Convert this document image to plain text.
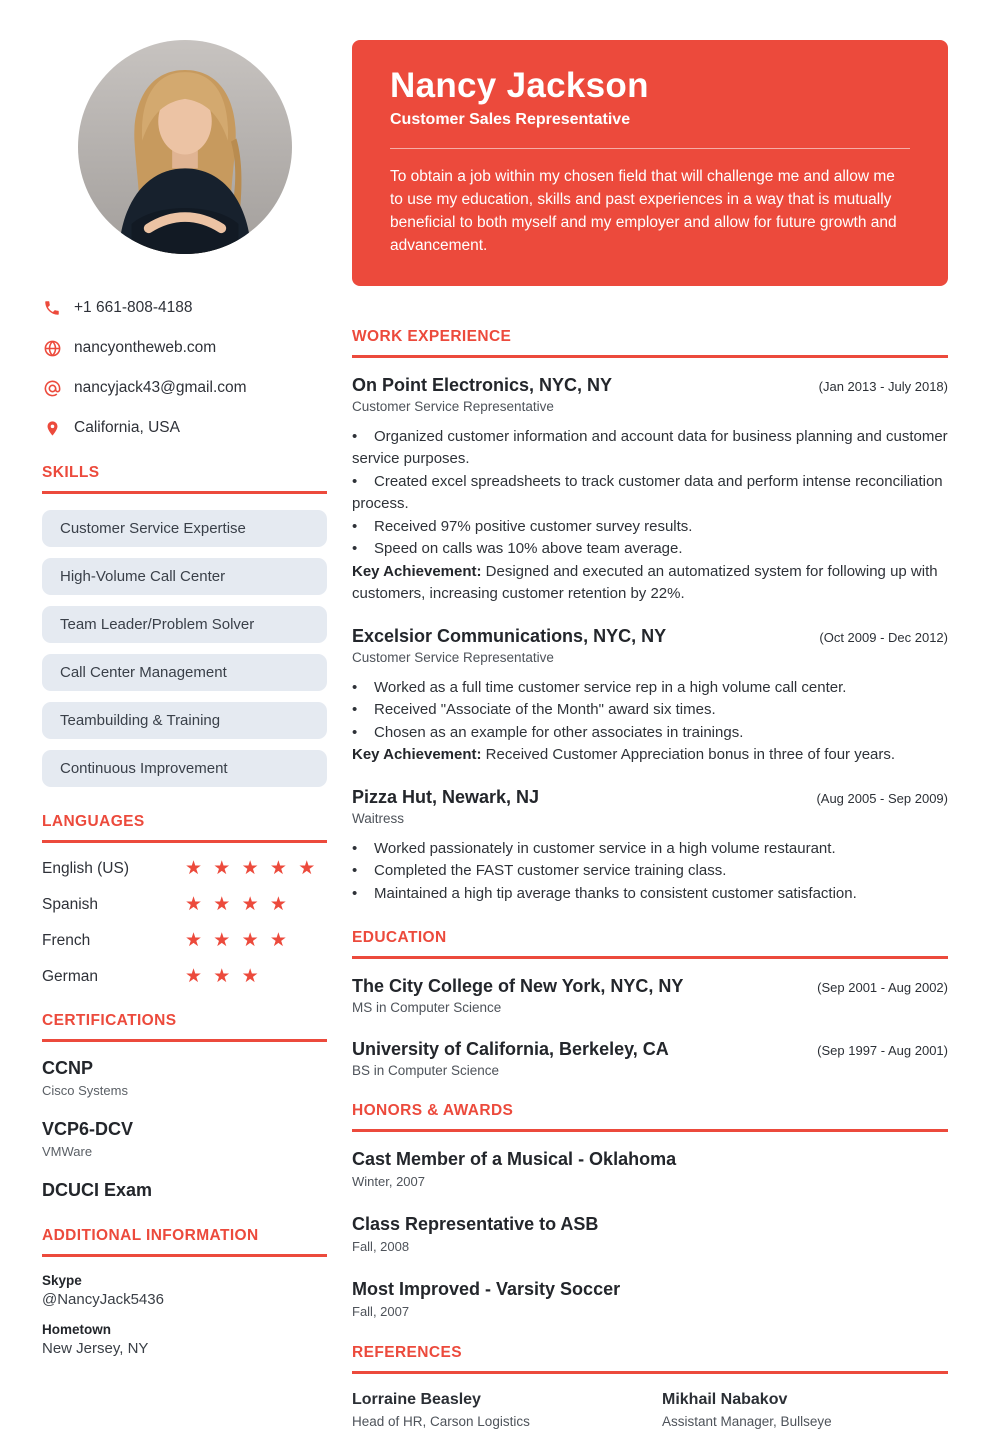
+1 661-808-4188
nancyontheweb.com
nancyjack43@gmail.com
California, USA
SKILLS
Customer Service Expertise
High-Volume Call Center
Team Leader/Problem Solver
Call Center Management
Teambuilding & Training
Continuous Improvement
LANGUAGES
English (US)	★ ★ ★ ★ ★
Spanish	★ ★ ★ ★
French	★ ★ ★ ★
German	★ ★ ★
CERTIFICATIONS
CCNP
Cisco Systems
VCP6-DCV
VMWare
DCUCI Exam
ADDITIONAL INFORMATION
Skype
@NancyJack5436
Hometown
New Jersey, NY
Nancy Jackson
Customer Sales Representative
To obtain a job within my chosen field that will challenge me and allow me to use my education, skills and past experiences in a way that is mutually beneficial to both myself and my employer and allow for future growth and advancement.
WORK EXPERIENCE
On Point Electronics, NYC, NY	(Jan 2013 - July 2018)
Customer Service Representative

• Organized customer information and account data for business planning and customer service purposes.

• Created excel spreadsheets to track customer data and perform intense reconciliation process.

• Received 97% positive customer survey results.

• Speed on calls was 10% above team average.

Key Achievement: Designed and executed an automatized system for following up with customers, increasing customer retention by 22%.

Excelsior Communications, NYC, NY	(Oct 2009 - Dec 2012)
Customer Service Representative

• Worked as a full time customer service rep in a high volume call center.

• Received "Associate of the Month" award six times.

• Chosen as an example for other associates in trainings.

Key Achievement: Received Customer Appreciation bonus in three of four years.

Pizza Hut, Newark, NJ	(Aug 2005 - Sep 2009)
Waitress

• Worked passionately in customer service in a high volume restaurant.

• Completed the FAST customer service training class.

• Maintained a high tip average thanks to consistent customer satisfaction.

EDUCATION
The City College of New York, NYC, NY	(Sep 2001 - Aug 2002)
MS in Computer Science
University of California, Berkeley, CA	(Sep 1997 - Aug 2001)
BS in Computer Science
HONORS & AWARDS
Cast Member of a Musical - Oklahoma
Winter, 2007
Class Representative to ASB
Fall, 2008
Most Improved - Varsity Soccer
Fall, 2007
REFERENCES
Lorraine Beasley
Head of HR, Carson Logistics
Mikhail Nabakov
Assistant Manager, Bullseye
